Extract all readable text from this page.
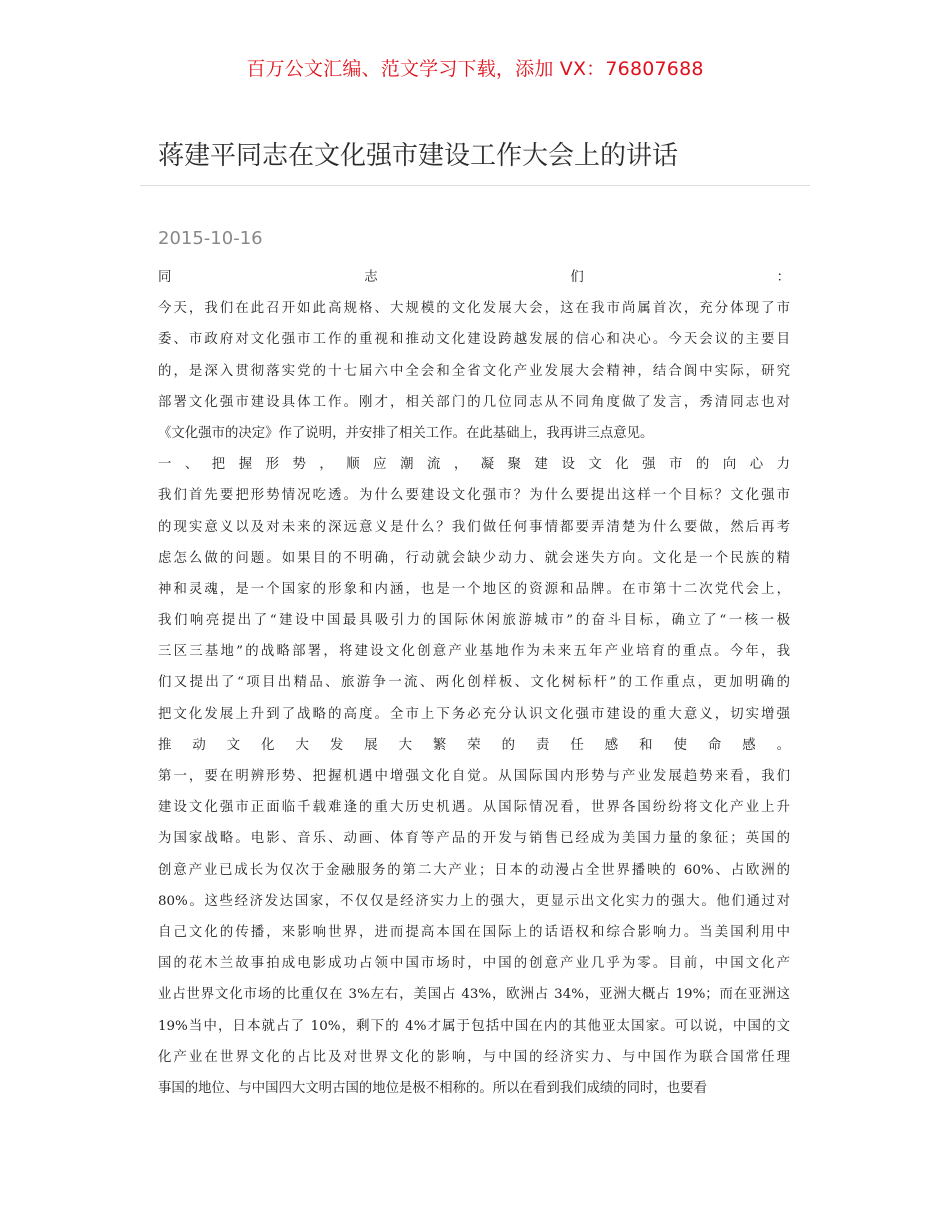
百万公文汇编、范文学习下载，添加 VX：76807688
蒋建平同志在文化强市建设工作大会上的讲话
2015-10-16
同 志 们 ：
今天，我们在此召开如此高规格、大规模的文化发展大会，这在我市尚属首次，充分体现了市
委、市政府对文化强市工作的重视和推动文化建设跨越发展的信心和决心。今天会议的主要目
的，是深入贯彻落实党的十七届六中全会和全省文化产业发展大会精神，结合阆中实际，研究
部署文化强市建设具体工作。刚才，相关部门的几位同志从不同角度做了发言，秀清同志也对
《文化强市的决定》作了说明，并安排了相关工作。在此基础上，我再讲三点意见。
一、把握形势，顺应潮流，凝聚建设文化强市的向心力
我们首先要把形势情况吃透。为什么要建设文化强市？为什么要提出这样一个目标？文化强市
的现实意义以及对未来的深远意义是什么？我们做任何事情都要弄清楚为什么要做，然后再考
虑怎么做的问题。如果目的不明确，行动就会缺少动力、就会迷失方向。文化是一个民族的精
神和灵魂，是一个国家的形象和内涵，也是一个地区的资源和品牌。在市第十二次党代会上，
我们响亮提出了“建设中国最具吸引力的国际休闲旅游城市”的奋斗目标，确立了“一核一极
三区三基地”的战略部署，将建设文化创意产业基地作为未来五年产业培育的重点。今年，我
们又提出了“项目出精品、旅游争一流、两化创样板、文化树标杆”的工作重点，更加明确的
把文化发展上升到了战略的高度。全市上下务必充分认识文化强市建设的重大意义，切实增强
推动文化大发展大繁荣的责任感和使命感。
第一，要在明辨形势、把握机遇中增强文化自觉。从国际国内形势与产业发展趋势来看，我们
建设文化强市正面临千载难逢的重大历史机遇。从国际情况看，世界各国纷纷将文化产业上升
为国家战略。电影、音乐、动画、体育等产品的开发与销售已经成为美国力量的象征；英国的
创意产业已成长为仅次于金融服务的第二大产业；日本的动漫占全世界播映的 60%、占欧洲的
80%。这些经济发达国家，不仅仅是经济实力上的强大，更显示出文化实力的强大。他们通过对
自己文化的传播，来影响世界，进而提高本国在国际上的话语权和综合影响力。当美国利用中
国的花木兰故事拍成电影成功占领中国市场时，中国的创意产业几乎为零。目前，中国文化产
业占世界文化市场的比重仅在 3%左右，美国占 43%，欧洲占 34%，亚洲大概占 19%；而在亚洲这
19%当中，日本就占了 10%，剩下的 4%才属于包括中国在内的其他亚太国家。可以说，中国的文
化产业在世界文化的占比及对世界文化的影响，与中国的经济实力、与中国作为联合国常任理
事国的地位、与中国四大文明古国的地位是极不相称的。所以在看到我们成绩的同时，也要看
